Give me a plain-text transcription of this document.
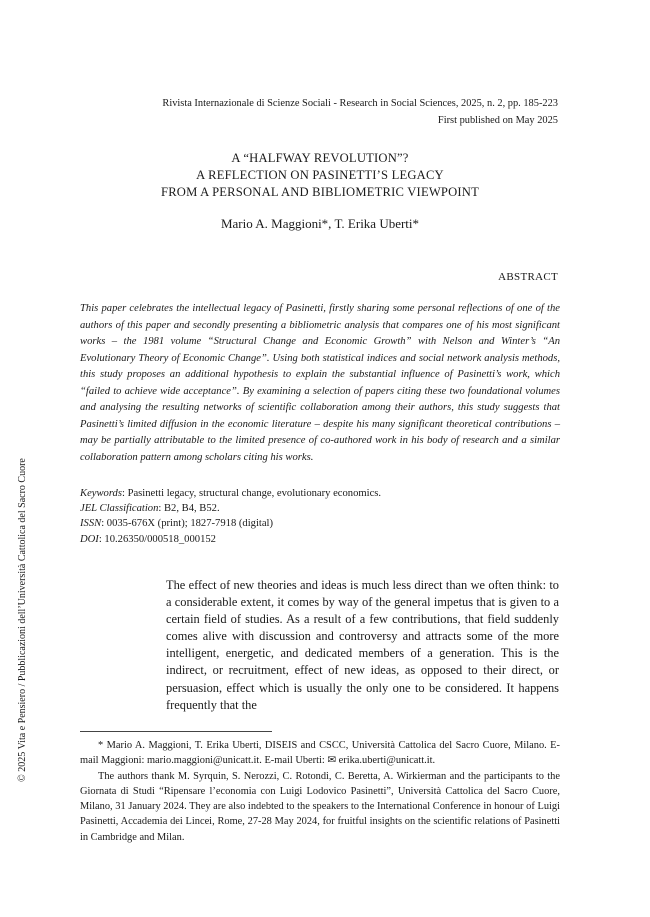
Rivista Internazionale di Scienze Sociali - Research in Social Sciences, 2025, n. 2, pp. 185-223
First published on May 2025
A “HALFWAY REVOLUTION”?
A REFLECTION ON PASINETTI’S LEGACY
FROM A PERSONAL AND BIBLIOMETRIC VIEWPOINT
Mario A. Maggioni*, T. Erika Uberti*
ABSTRACT
This paper celebrates the intellectual legacy of Pasinetti, firstly sharing some personal reflections of one of the authors of this paper and secondly presenting a bibliometric analysis that compares one of his most significant works – the 1981 volume “Structural Change and Economic Growth” with Nelson and Winter’s “An Evolutionary Theory of Economic Change”. Using both statistical indices and social network analysis methods, this study proposes an additional hypothesis to explain the substantial influence of Pasinetti’s work, which “failed to achieve wide acceptance”. By examining a selection of papers citing these two foundational volumes and analysing the resulting networks of scientific collaboration among their authors, this study suggests that Pasinetti’s limited diffusion in the economic literature – despite his many significant theoretical contributions – may be partially attributable to the limited presence of co-authored work in his body of research and a similar collaboration pattern among scholars citing his works.
Keywords: Pasinetti legacy, structural change, evolutionary economics.
JEL Classification: B2, B4, B52.
ISSN: 0035-676X (print); 1827-7918 (digital)
DOI: 10.26350/000518_000152
The effect of new theories and ideas is much less direct than we often think: to a considerable extent, it comes by way of the general impetus that is given to a certain field of studies. As a result of a few contributions, that field suddenly comes alive with discussion and controversy and attracts some of the more intelligent, energetic, and dedicated members of a generation. This is the indirect, or recruitment, effect of new ideas, as opposed to their direct, or persuasion, effect which is usually the only one to be considered. It happens frequently that the

* Mario A. Maggioni, T. Erika Uberti, DISEIS and CSCC, Università Cattolica del Sacro Cuore, Milano. E-mail Maggioni: mario.maggioni@unicatt.it. E-mail Uberti: ✉ erika.uberti@unicatt.it.

The authors thank M. Syrquin, S. Nerozzi, C. Rotondi, C. Beretta, A. Wirkierman and the participants to the Giornata di Studi “Ripensare l’economia con Luigi Lodovico Pasinetti”, Università Cattolica del Sacro Cuore, Milano, 31 January 2024. They are also indebted to the speakers to the International Conference in honour of Luigi Pasinetti, Accademia dei Lincei, Rome, 27-28 May 2024, for fruitful insights on the scientific relations of Pasinetti in Cambridge and Milan.

© 2025 Vita e Pensiero / Pubblicazioni dell’Università Cattolica del Sacro Cuore
